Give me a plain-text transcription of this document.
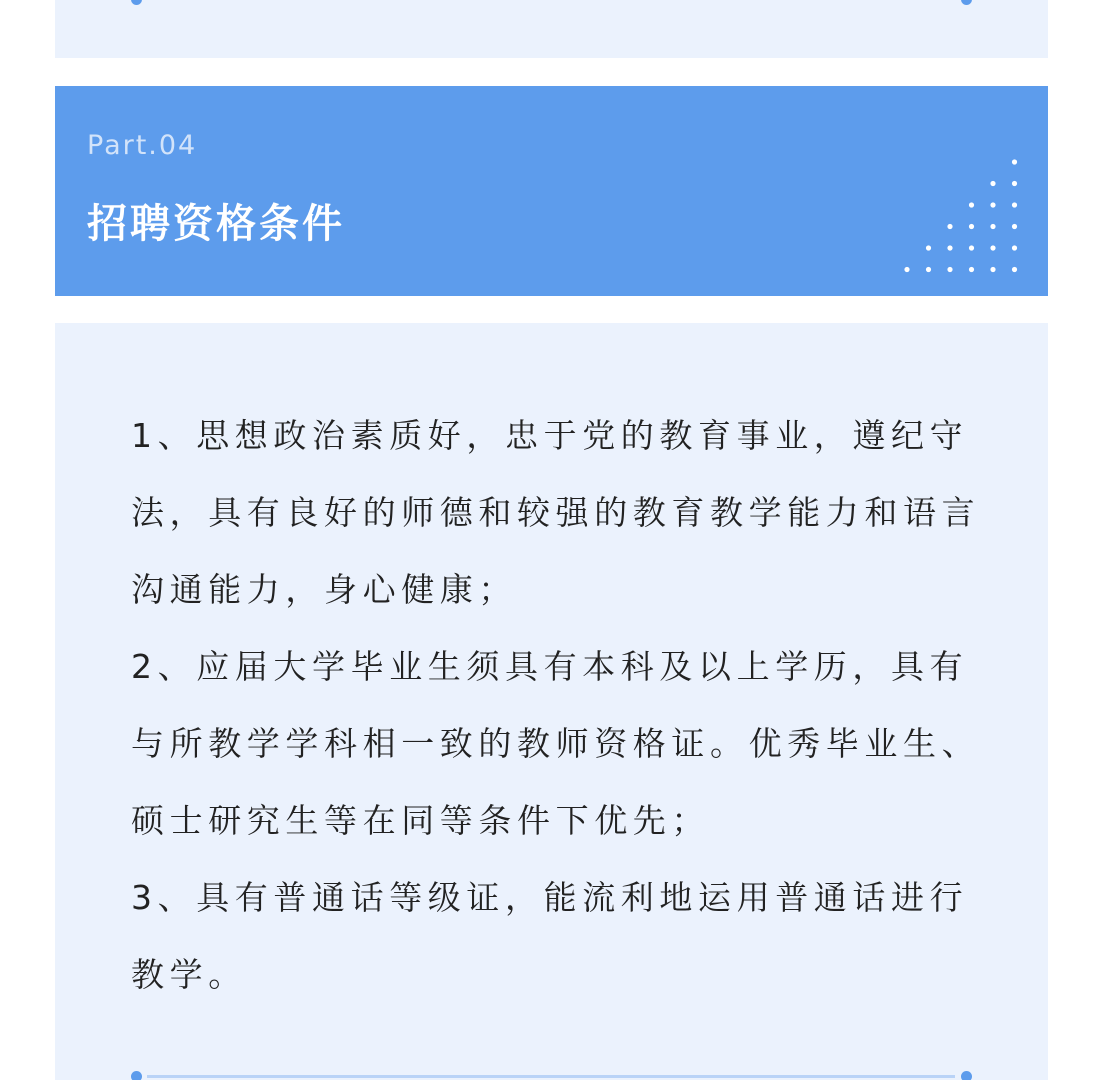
Part.04
招聘资格条件

1、思想政治素质好，忠于党的教育事业，遵纪守法，具有良好的师德和较强的教育教学能力和语言沟通能力，身心健康；

2、应届大学毕业生须具有本科及以上学历，具有与所教学学科相一致的教师资格证。优秀毕业生、硕士研究生等在同等条件下优先；

3、具有普通话等级证，能流利地运用普通话进行教学。
